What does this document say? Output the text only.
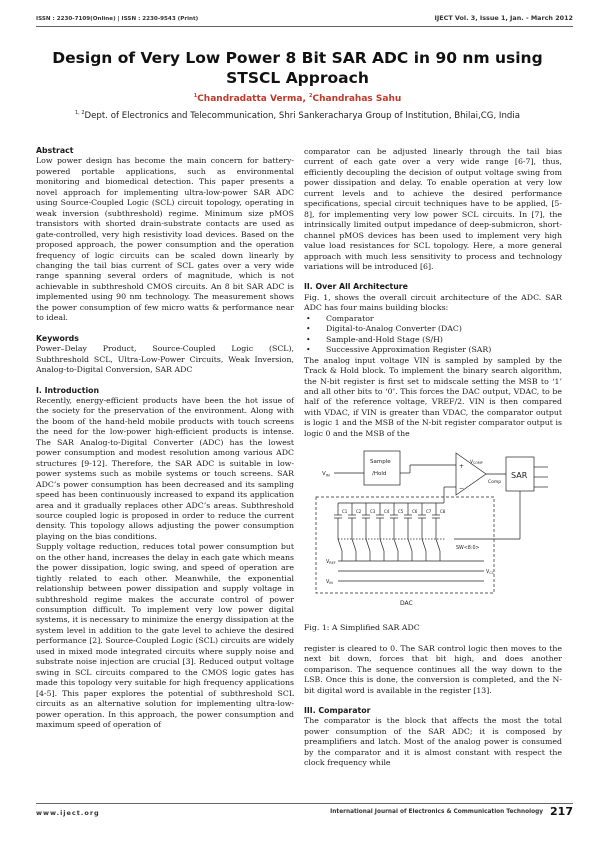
ISSN : 2230-7109(Online) | ISSN : 2230-9543 (Print)	IJECT Vol. 3, Issue 1, Jan. - March 2012
Design of Very Low Power 8 Bit SAR ADC in 90 nm using STSCL Approach
$^1$Chandradatta Verma, $^2$Chandrahas Sahu
$^{1, 2}$Dept. of Electronics and Telecommunication, Shri Sankeracharya Group of Institution, Bhilai,CG, India
Abstract

Low power design has become the main concern for battery-powered portable applications, such as environmental monitoring and biomedical detection. This paper presents a novel approach for implementing ultra-low-power SAR ADC using Source-Coupled Logic (SCL) circuit topology, operating in weak inversion (subthreshold) regime. Minimum size pMOS transistors with shorted drain-substrate contacts are used as gate-controlled, very high resistivity load devices. Based on the proposed approach, the power consumption and the operation frequency of logic circuits can be scaled down linearly by changing the tail bias current of SCL gates over a very wide range spanning several orders of magnitude, which is not achievable in subthreshold CMOS circuits. An 8 bit SAR ADC is implemented using 90 nm technology. The measurement shows the power consumption of few micro watts & performance near to ideal.

Keywords

Power–Delay Product, Source-Coupled Logic (SCL), Subthreshold SCL, Ultra-Low-Power Circuits, Weak Inversion, Analog-to-Digital Conversion, SAR ADC

I. Introduction

Recently, energy-efficient products have been the hot issue of the society for the preservation of the environment. Along with the boom of the hand-held mobile products with touch screens the need for the low-power high-efficient products is intense. The SAR Analog-to-Digital Converter (ADC) has the lowest power consumption and modest resolution among various ADC structures [9-12]. Therefore, the SAR ADC is suitable in low-power systems such as mobile systems or touch screens. SAR ADC’s power consumption has been decreased and its sampling speed has been continuously increased to expand its application area and it gradually replaces other ADC’s areas. Subthreshold source coupled logic is proposed in order to reduce the current density. This topology allows adjusting the power consumption playing on the bias conditions.

Supply voltage reduction, reduces total power consumption but on the other hand, increases the delay in each gate which means the power dissipation, logic swing, and speed of operation are tightly related to each other. Meanwhile, the exponential relationship between power dissipation and supply voltage in subthreshold regime makes the accurate control of power consumption difficult. To implement very low power digital systems, it is necessary to minimize the energy dissipation at the system level in addition to the gate level to achieve the desired performance [2]. Source-Coupled Logic (SCL) circuits are widely used in mixed mode integrated circuits where supply noise and substrate noise injection are crucial [3]. Reduced output voltage swing in SCL circuits compared to the CMOS logic gates has made this topology very suitable for high frequency applications [4-5]. This paper explores the potential of subthreshold SCL circuits as an alternative solution for implementing ultra-low-power operation. In this approach, the power consumption and maximum speed of operation of

comparator can be adjusted linearly through the tail bias current of each gate over a very wide range [6-7], thus, efficiently decoupling the decision of output voltage swing from power dissipation and delay. To enable operation at very low current levels and to achieve the desired performance specifications, special circuit techniques have to be applied, [5-8], for implementing very low power SCL circuits. In [7], the intrinsically limited output impedance of deep-submicron, short-channel pMOS devices has been used to implement very high value load resistances for SCL topology. Here, a more general approach with much less sensitivity to process and technology variations will be introduced [6].

II. Over All Architecture

Fig. 1, shows the overall circuit architecture of the ADC. SAR ADC has four mains building blocks:

• Comparator
• Digital-to-Analog Converter (DAC)
• Sample-and-Hold Stage (S/H)
• Successive Approximation Register (SAR)

The analog input voltage VIN is sampled by sampled by the Track & Hold block. To implement the binary search algorithm, the N-bit register is first set to midscale setting the MSB to ‘1’ and all other bits to ‘0’. This forces the DAC output, VDAC, to be half of the reference voltage, VREF/2. VIN is then compared with VDAC, if VIN is greater than VDAC, the comparator output is logic 1 and the MSB of the N-bit register comparator output is logic 0 and the MSB of the

C1 C2 C3 C4 C5 C6 C7 C8
$V_{IN}$
Sample
/Hold
+
−
$V_{COMP}$
Comp
SAR
SW<8:0>
$V_{REF}$
$V_{CC}$
$V_{IN}$
DAC

Fig. 1: A Simplified SAR ADC

register is cleared to 0. The SAR control logic then moves to the next bit down, forces that bit high, and does another comparison. The sequence continues all the way down to the LSB. Once this is done, the conversion is completed, and the N-bit digital word is available in the register [13].

III. Comparator

The comparator is the block that affects the most the total power consumption of the SAR ADC; it is composed by preamplifiers and latch. Most of the analog power is consumed by the comparator and it is almost constant with respect the clock frequency while

www.iject.org	International Journal of Electronics & Communication Technology 217
